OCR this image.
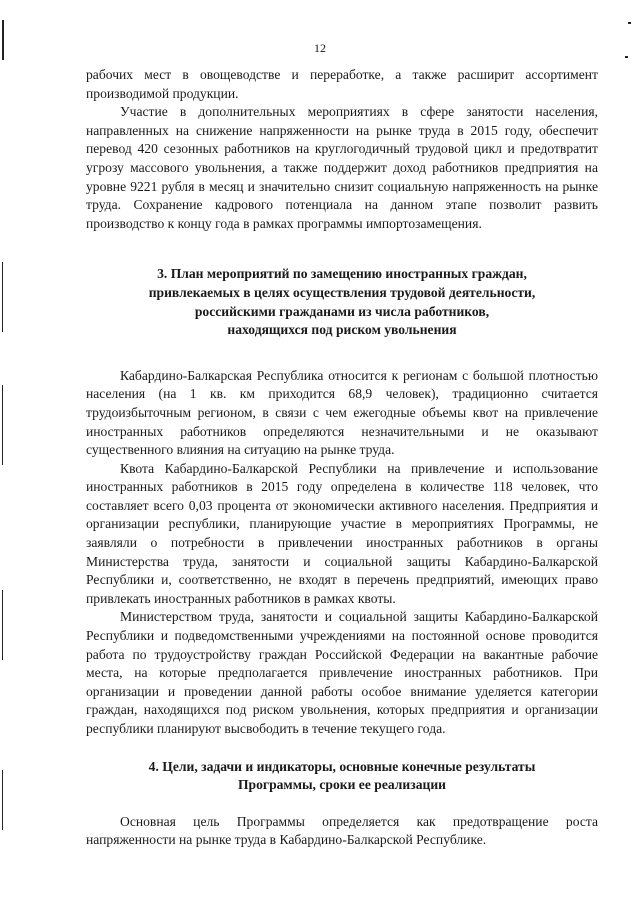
12

рабочих мест в овощеводстве и переработке, а также расширит ассортимент производимой продукции.

Участие в дополнительных мероприятиях в сфере занятости населения, направленных на снижение напряженности на рынке труда в 2015 году, обеспечит перевод 420 сезонных работников на круглогодичный трудовой цикл и предотвратит угрозу массового увольнения, а также поддержит доход работников предприятия на уровне 9221 рубля в месяц и значительно снизит социальную напряженность на рынке труда. Сохранение кадрового потенциала на данном этапе позволит развить производство к концу года в рамках программы импортозамещения.

3. План мероприятий по замещению иностранных граждан,
привлекаемых в целях осуществления трудовой деятельности,
российскими гражданами из числа работников,
находящихся под риском увольнения

Кабардино-Балкарская Республика относится к регионам с большой плотностью населения (на 1 кв. км приходится 68,9 человек), традиционно считается трудоизбыточным регионом, в связи с чем ежегодные объемы квот на привлечение иностранных работников определяются незначительными и не оказывают существенного влияния на ситуацию на рынке труда.

Квота Кабардино-Балкарской Республики на привлечение и использование иностранных работников в 2015 году определена в количестве 118 человек, что составляет всего 0,03 процента от экономически активного населения. Предприятия и организации республики, планирующие участие в мероприятиях Программы, не заявляли о потребности в привлечении иностранных работников в органы Министерства труда, занятости и социальной защиты Кабардино-Балкарской Республики и, соответственно, не входят в перечень предприятий, имеющих право привлекать иностранных работников в рамках квоты.

Министерством труда, занятости и социальной защиты Кабардино-Балкарской Республики и подведомственными учреждениями на постоянной основе проводится работа по трудоустройству граждан Российской Федерации на вакантные рабочие места, на которые предполагается привлечение иностранных работников. При организации и проведении данной работы особое внимание уделяется категории граждан, находящихся под риском увольнения, которых предприятия и организации республики планируют высвободить в течение текущего года.

4. Цели, задачи и индикаторы, основные конечные результаты
Программы, сроки ее реализации

Основная цель Программы определяется как предотвращение роста напряженности на рынке труда в Кабардино-Балкарской Республике.
